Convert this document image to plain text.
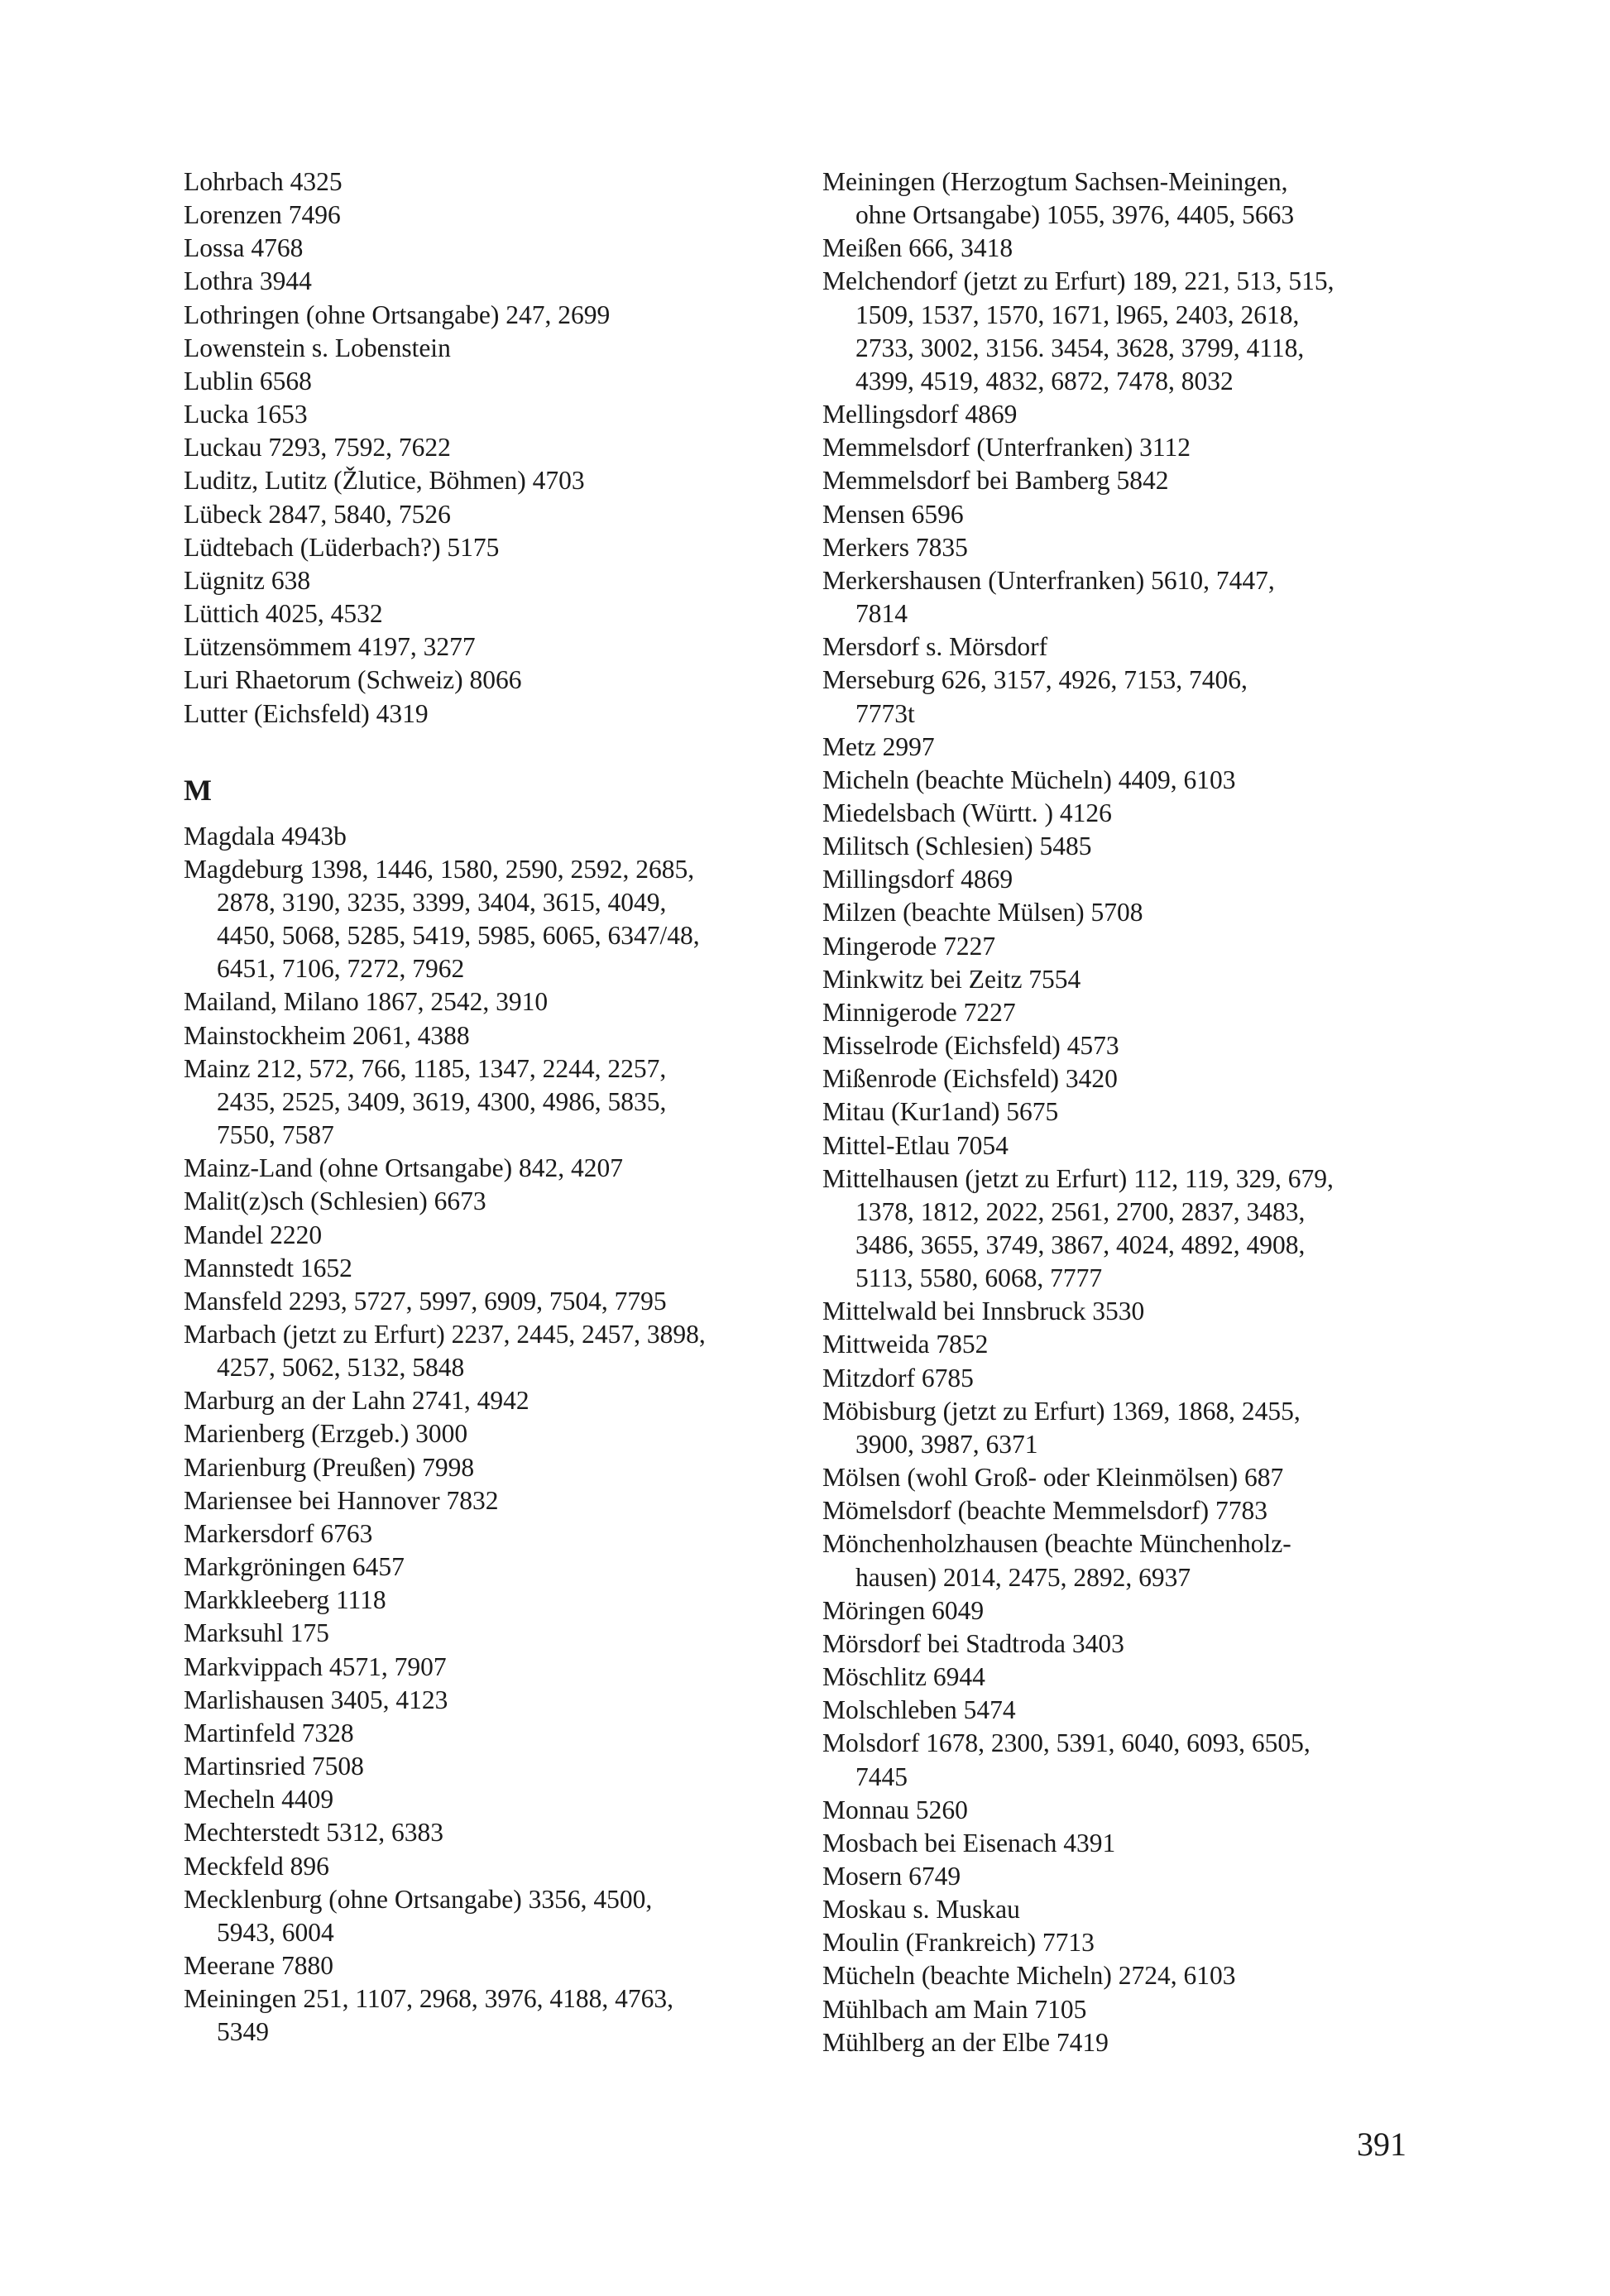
Lohrbach 4325
Lorenzen 7496
Lossa 4768
Lothra 3944
Lothringen (ohne Ortsangabe) 247, 2699
Lowenstein s. Lobenstein
Lublin 6568
Lucka 1653
Luckau 7293, 7592, 7622
Luditz, Lutitz (Žlutice, Böhmen) 4703
Lübeck 2847, 5840, 7526
Lüdtebach (Lüderbach?) 5175
Lügnitz 638
Lüttich 4025, 4532
Lützensömmem 4197, 3277
Luri Rhaetorum (Schweiz) 8066
Lutter (Eichsfeld) 4319
M
Magdala 4943b
Magdeburg 1398, 1446, 1580, 2590, 2592, 2685,
2878, 3190, 3235, 3399, 3404, 3615, 4049,
4450, 5068, 5285, 5419, 5985, 6065, 6347/48,
6451, 7106, 7272, 7962
Mailand, Milano 1867, 2542, 3910
Mainstockheim 2061, 4388
Mainz 212, 572, 766, 1185, 1347, 2244, 2257,
2435, 2525, 3409, 3619, 4300, 4986, 5835,
7550, 7587
Mainz-Land (ohne Ortsangabe) 842, 4207
Malit(z)sch (Schlesien) 6673
Mandel 2220
Mannstedt 1652
Mansfeld 2293, 5727, 5997, 6909, 7504, 7795
Marbach (jetzt zu Erfurt) 2237, 2445, 2457, 3898,
4257, 5062, 5132, 5848
Marburg an der Lahn 2741, 4942
Marienberg (Erzgeb.) 3000
Marienburg (Preußen) 7998
Mariensee bei Hannover 7832
Markersdorf 6763
Markgröningen 6457
Markkleeberg 1118
Marksuhl 175
Markvippach 4571, 7907
Marlishausen 3405, 4123
Martinfeld 7328
Martinsried 7508
Mecheln 4409
Mechterstedt 5312, 6383
Meckfeld 896
Mecklenburg (ohne Ortsangabe) 3356, 4500,
5943, 6004
Meerane 7880
Meiningen 251, 1107, 2968, 3976, 4188, 4763,
5349
Meiningen (Herzogtum Sachsen-Meiningen,
ohne Ortsangabe) 1055, 3976, 4405, 5663
Meißen 666, 3418
Melchendorf (jetzt zu Erfurt) 189, 221, 513, 515,
1509, 1537, 1570, 1671, l965, 2403, 2618,
2733, 3002, 3156. 3454, 3628, 3799, 4118,
4399, 4519, 4832, 6872, 7478, 8032
Mellingsdorf 4869
Memmelsdorf (Unterfranken) 3112
Memmelsdorf bei Bamberg 5842
Mensen 6596
Merkers 7835
Merkershausen (Unterfranken) 5610, 7447,
7814
Mersdorf s. Mörsdorf
Merseburg 626, 3157, 4926, 7153, 7406,
7773t
Metz 2997
Micheln (beachte Mücheln) 4409, 6103
Miedelsbach (Württ. ) 4126
Militsch (Schlesien) 5485
Millingsdorf 4869
Milzen (beachte Mülsen) 5708
Mingerode 7227
Minkwitz bei Zeitz 7554
Minnigerode 7227
Misselrode (Eichsfeld) 4573
Mißenrode (Eichsfeld) 3420
Mitau (Kur1and) 5675
Mittel-Etlau 7054
Mittelhausen (jetzt zu Erfurt) 112, 119, 329, 679,
1378, 1812, 2022, 2561, 2700, 2837, 3483,
3486, 3655, 3749, 3867, 4024, 4892, 4908,
5113, 5580, 6068, 7777
Mittelwald bei Innsbruck 3530
Mittweida 7852
Mitzdorf 6785
Möbisburg (jetzt zu Erfurt) 1369, 1868, 2455,
3900, 3987, 6371
Mölsen (wohl Groß- oder Kleinmölsen) 687
Mömelsdorf (beachte Memmelsdorf) 7783
Mönchenholzhausen (beachte Münchenholz-
hausen) 2014, 2475, 2892, 6937
Möringen 6049
Mörsdorf bei Stadtroda 3403
Möschlitz 6944
Molschleben 5474
Molsdorf 1678, 2300, 5391, 6040, 6093, 6505,
7445
Monnau 5260
Mosbach bei Eisenach 4391
Mosern 6749
Moskau s. Muskau
Moulin (Frankreich) 7713
Mücheln (beachte Micheln) 2724, 6103
Mühlbach am Main 7105
Mühlberg an der Elbe 7419
391
